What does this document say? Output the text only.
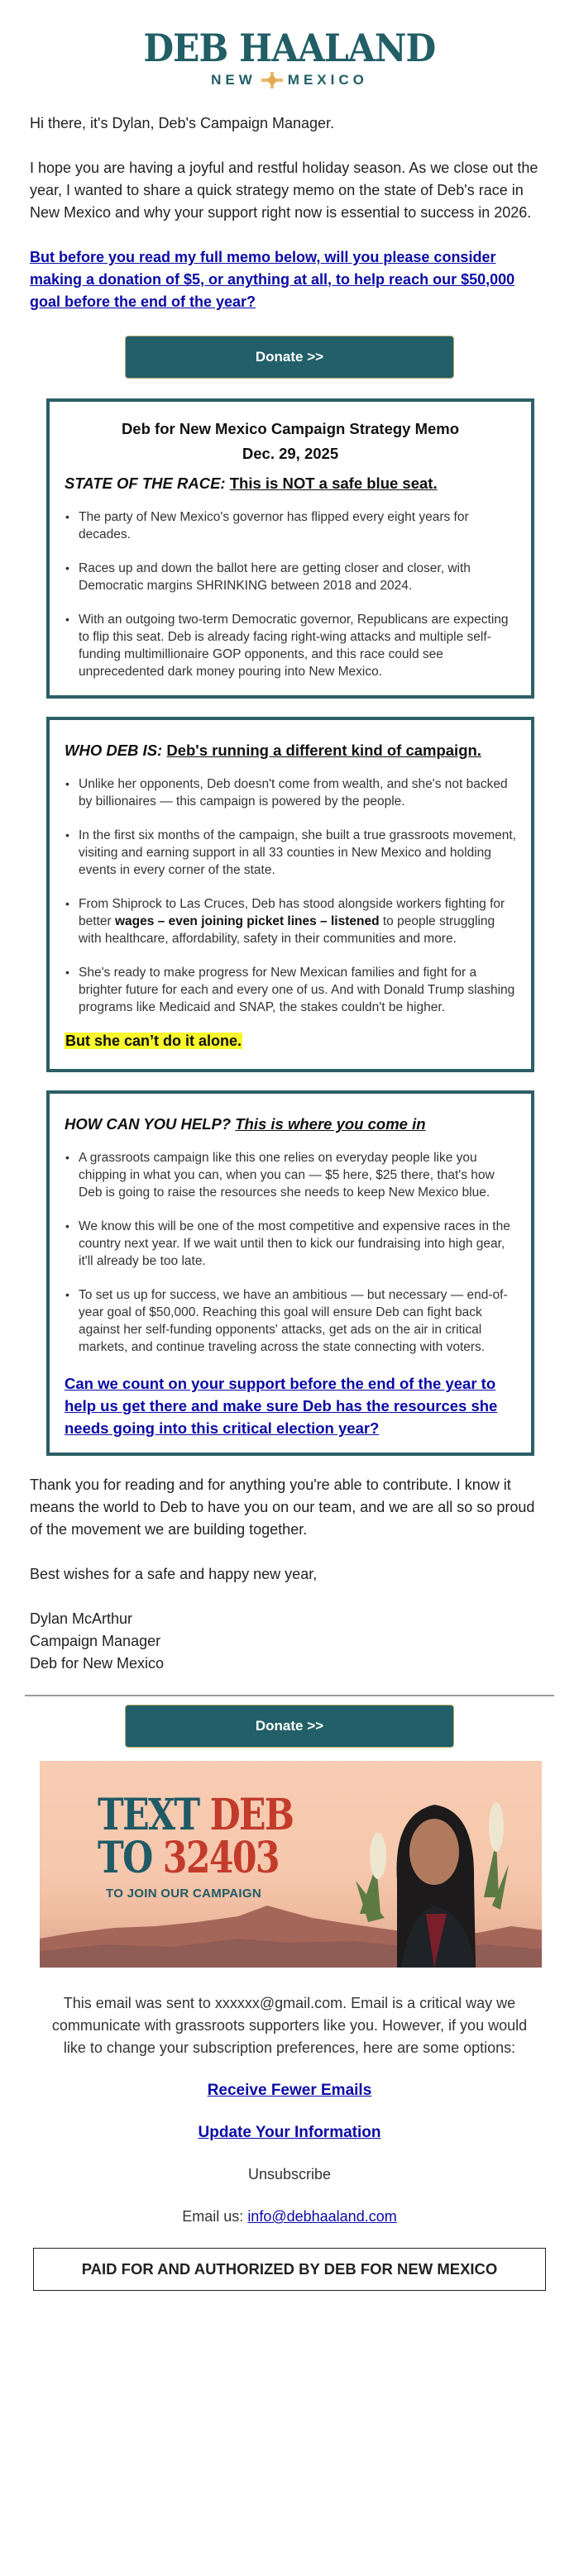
DEB HAALAND
NEW MEXICO

Hi there, it's Dylan, Deb's Campaign Manager.

I hope you are having a joyful and restful holiday season. As we close out the year, I wanted to share a quick strategy memo on the state of Deb's race in New Mexico and why your support right now is essential to success in 2026.

But before you read my full memo below, will you please consider making a donation of $5, or anything at all, to help reach our $50,000 goal before the end of the year?

Donate >>
Deb for New Mexico Campaign Strategy Memo
Dec. 29, 2025
STATE OF THE RACE: This is NOT a safe blue seat.
• The party of New Mexico's governor has flipped every eight years for decades.
• Races up and down the ballot here are getting closer and closer, with Democratic margins SHRINKING between 2018 and 2024.
• With an outgoing two-term Democratic governor, Republicans are expecting to flip this seat. Deb is already facing right-wing attacks and multiple self-funding multimillionaire GOP opponents, and this race could see unprecedented dark money pouring into New Mexico.
WHO DEB IS: Deb's running a different kind of campaign.
• Unlike her opponents, Deb doesn't come from wealth, and she's not backed by billionaires — this campaign is powered by the people.
• In the first six months of the campaign, she built a true grassroots movement, visiting and earning support in all 33 counties in New Mexico and holding events in every corner of the state.
• From Shiprock to Las Cruces, Deb has stood alongside workers fighting for better wages – even joining picket lines – listened to people struggling with healthcare, affordability, safety in their communities and more.
• She's ready to make progress for New Mexican families and fight for a brighter future for each and every one of us. And with Donald Trump slashing programs like Medicaid and SNAP, the stakes couldn't be higher.
But she can’t do it alone.
HOW CAN YOU HELP? This is where you come in
• A grassroots campaign like this one relies on everyday people like you chipping in what you can, when you can — $5 here, $25 there, that's how Deb is going to raise the resources she needs to keep New Mexico blue.
• We know this will be one of the most competitive and expensive races in the country next year. If we wait until then to kick our fundraising into high gear, it'll already be too late.
• To set us up for success, we have an ambitious — but necessary — end-of-year goal of $50,000. Reaching this goal will ensure Deb can fight back against her self-funding opponents' attacks, get ads on the air in critical markets, and continue traveling across the state connecting with voters.
Can we count on your support before the end of the year to help us get there and make sure Deb has the resources she needs going into this critical election year?

Thank you for reading and for anything you're able to contribute. I know it means the world to Deb to have you on our team, and we are all so so proud of the movement we are building together.

Best wishes for a safe and happy new year,

Dylan McArthur

Campaign Manager

Deb for New Mexico

Donate >>
TEXT DEB
TO 32403
TO JOIN OUR CAMPAIGN

This email was sent to xxxxxx@gmail.com. Email is a critical way we communicate with grassroots supporters like you. However, if you would like to change your subscription preferences, here are some options:

Receive Fewer Emails

Update Your Information

Unsubscribe

Email us: info@debhaaland.com

PAID FOR AND AUTHORIZED BY DEB FOR NEW MEXICO
